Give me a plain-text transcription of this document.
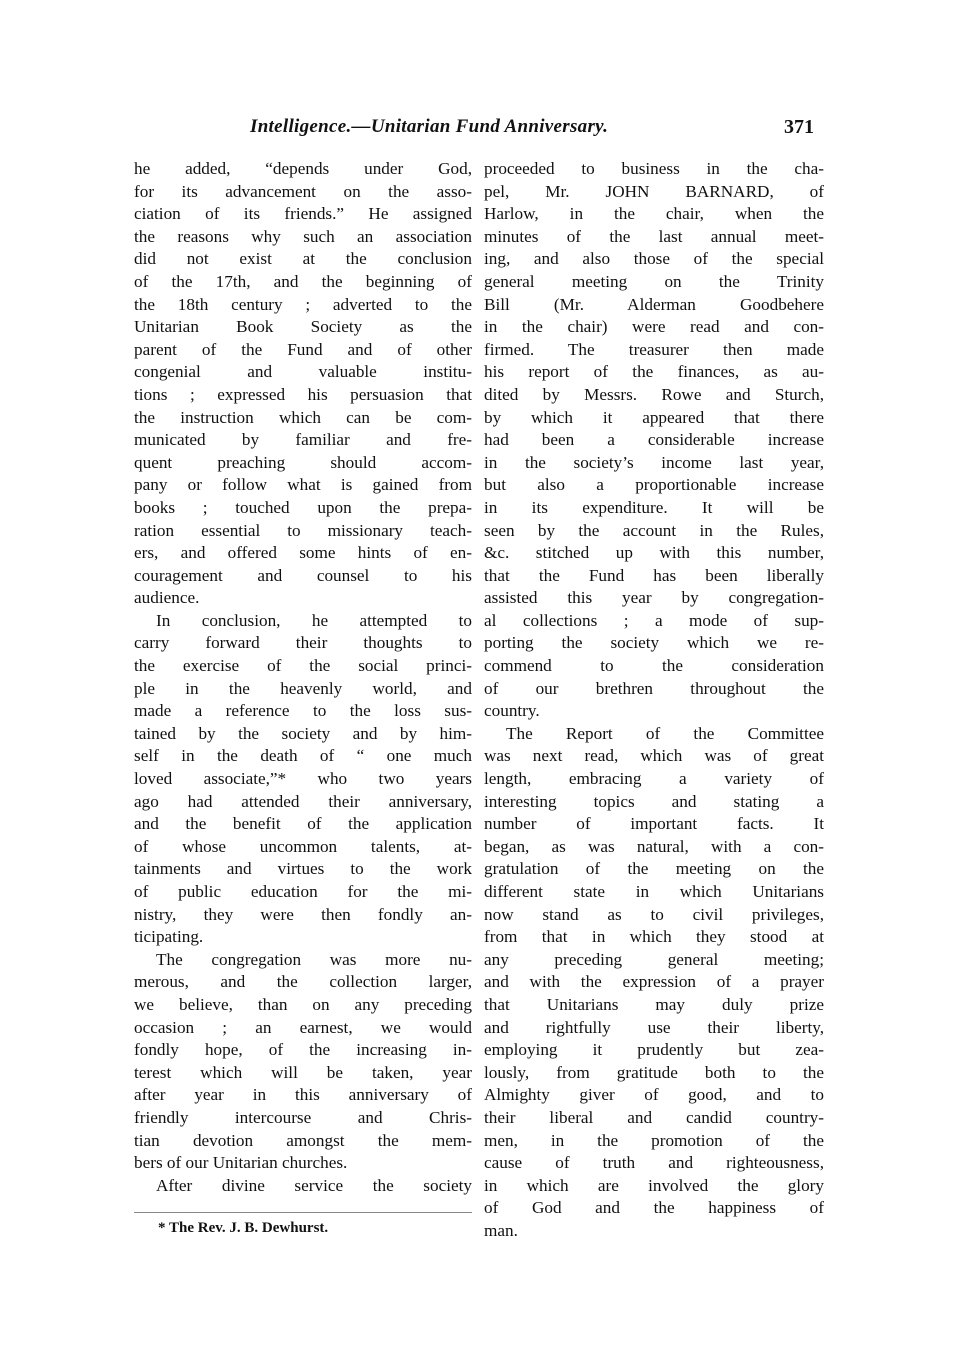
Intelligence.—Unitarian Fund Anniversary.	371
he added, “depends under God,
for its advancement on the asso-
ciation of its friends.” He assigned
the reasons why such an association
did not exist at the conclusion
of the 17th, and the beginning of
the 18th century ; adverted to the
Unitarian Book Society as the
parent of the Fund and of other
congenial and valuable institu-
tions ; expressed his persuasion that
the instruction which can be com-
municated by familiar and fre-
quent preaching should accom-
pany or follow what is gained from
books ; touched upon the prepa-
ration essential to missionary teach-
ers, and offered some hints of en-
couragement and counsel to his
audience.
In conclusion, he attempted to
carry forward their thoughts to
the exercise of the social princi-
ple in the heavenly world, and
made a reference to the loss sus-
tained by the society and by him-
self in the death of “ one much
loved associate,”* who two years
ago had attended their anniversary,
and the benefit of the application
of whose uncommon talents, at-
tainments and virtues to the work
of public education for the mi-
nistry, they were then fondly an-
ticipating.
The congregation was more nu-
merous, and the collection larger,
we believe, than on any preceding
occasion ; an earnest, we would
fondly hope, of the increasing in-
terest which will be taken, year
after year in this anniversary of
friendly intercourse and Chris-
tian devotion amongst the mem-
bers of our Unitarian churches.
After divine service the society
proceeded to business in the cha-
pel, Mr. JOHN BARNARD, of
Harlow, in the chair, when the
minutes of the last annual meet-
ing, and also those of the special
general meeting on the Trinity
Bill (Mr. Alderman Goodbehere
in the chair) were read and con-
firmed. The treasurer then made
his report of the finances, as au-
dited by Messrs. Rowe and Sturch,
by which it appeared that there
had been a considerable increase
in the society’s income last year,
but also a proportionable increase
in its expenditure. It will be
seen by the account in the Rules,
&c. stitched up with this number,
that the Fund has been liberally
assisted this year by congregation-
al collections ; a mode of sup-
porting the society which we re-
commend to the consideration
of our brethren throughout the
country.
The Report of the Committee
was next read, which was of great
length, embracing a variety of
interesting topics and stating a
number of important facts. It
began, as was natural, with a con-
gratulation of the meeting on the
different state in which Unitarians
now stand as to civil privileges,
from that in which they stood at
any preceding general meeting;
and with the expression of a prayer
that Unitarians may duly prize
and rightfully use their liberty,
employing it prudently but zea-
lously, from gratitude both to the
Almighty giver of good, and to
their liberal and candid country-
men, in the promotion of the
cause of truth and righteousness,
in which are involved the glory
of God and the happiness of
man.
* The Rev. J. B. Dewhurst.
